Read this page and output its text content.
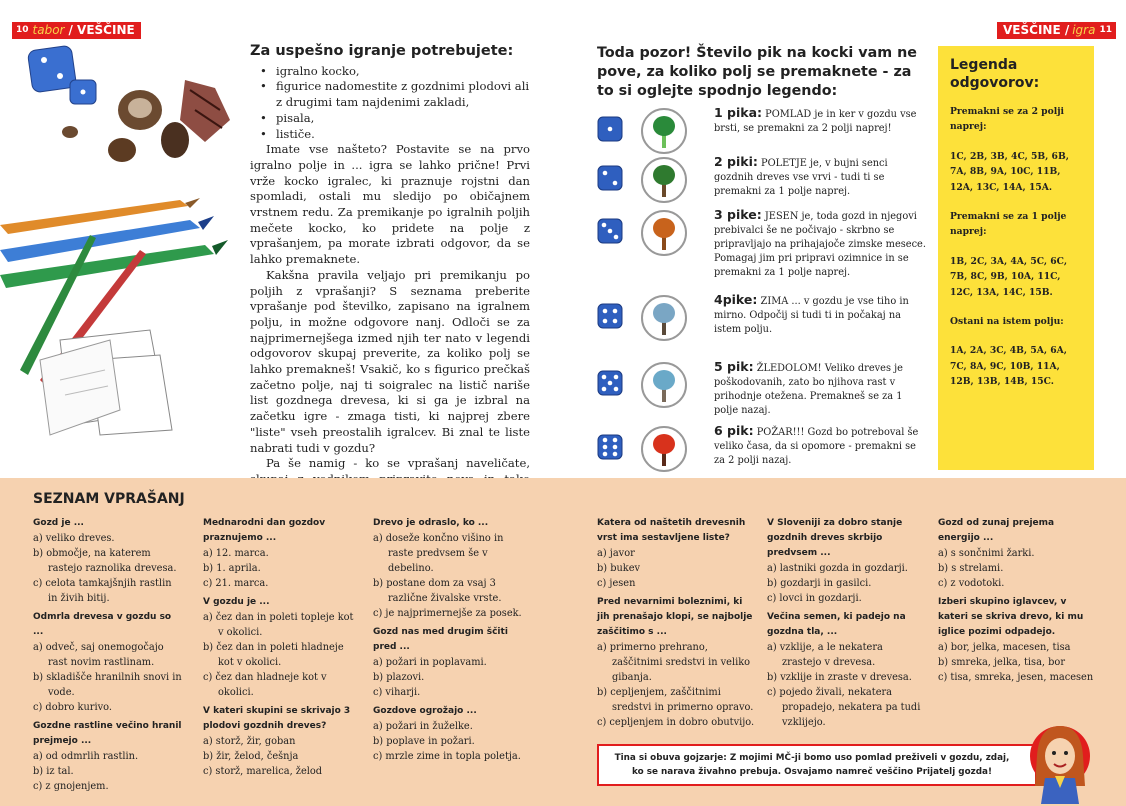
10 tabor / VEŠČINE	VEŠČINE / igra 11
Za uspešno igranje potrebujete:
• igralno kocko,
• figurice nadomestite z gozdnimi plodovi ali z drugimi tam najdenimi zakladi,
• pisala,
• lističe.

Imate vse našteto? Postavite se na prvo igralno polje in ... igra se lahko prične! Prvi vrže kocko igralec, ki praznuje rojstni dan spomladi, ostali mu sledijo po običajnem vrstnem redu. Za premikanje po igralnih poljih mečete kocko, ko pridete na polje z vprašanjem, pa morate izbrati odgovor, da se lahko premaknete.

Kakšna pravila veljajo pri premikanju po poljih z vprašanji? S seznama preberite vprašanje pod številko, zapisano na igralnem polju, in možne odgovore nanj. Odloči se za najprimernejšega izmed njih ter nato v legendi odgovorov skupaj preverite, za koliko polj se lahko premakneš! Vsakič, ko s figurico prečkaš začetno polje, naj ti soigralec na listič nariše list gozdnega drevesa, ki si ga je izbral na začetku igre - zmaga tisti, ki najprej zbere "liste" vseh preostalih igralcev. Bi znal te liste nabrati tudi v gozdu?

Pa še namig - ko se vprašanj naveličate,

Toda pozor! Število pik na kocki vam ne pove, za koliko polj se premaknete - za to si oglejte spodnjo legendo:
1 pika: POMLAD je in ker v gozdu vse brsti, se premakni za 2 polji naprej!
2 piki: POLETJE je, v bujni senci gozdnih dreves vse vrvi - tudi ti se premakni za 1 polje naprej.
3 pike: JESEN je, toda gozd in njegovi prebivalci še ne počivajo - skrbno se pripravljajo na prihajajoče zimske mesece. Pomagaj jim pri pripravi ozimnice in se premakni za 1 polje naprej.
4pike: ZIMA ... v gozdu je vse tiho in mirno. Odpočij si tudi ti in počakaj na istem polju.
5 pik: ŽLEDOLOM! Veliko dreves je poškodovanih, zato bo njihova rast v prihodnje otežena. Premakneš se za 1 polje nazaj.
6 pik: POŽAR!!! Gozd bo potreboval še veliko časa, da si opomore - premakni se za 2 polji nazaj.
Legenda odgovorov:

Premakni se za 2 polji naprej:

1C, 2B, 3B, 4C, 5B, 6B, 7A, 8B, 9A, 10C, 11B, 12A, 13C, 14A, 15A.

Premakni se za 1 polje naprej:

1B, 2C, 3A, 4A, 5C, 6C, 7B, 8C, 9B, 10A, 11C, 12C, 13A, 14C, 15B.

Ostani na istem polju:

1A, 2A, 3C, 4B, 5A, 6A, 7C, 8A, 9C, 10B, 11A, 12B, 13B, 14B, 15C.

SEZNAM VPRAŠANJ
Gozd je ...
a) veliko dreves.
b) območje, na katerem rastejo raznolika drevesa.
c) celota tamkajšnjih rastlin in živih bitij.
Odmrla drevesa v gozdu so ...
a) odveč, saj onemogočajo rast novim rastlinam.
b) skladišče hranilnih snovi in vode.
c) dobro kurivo.
Gozdne rastline večino hranil prejmejo ...
a) od odmrlih rastlin.
b) iz tal.
c) z gnojenjem.
Mednarodni dan gozdov praznujemo ...
a) 12. marca.
b) 1. aprila.
c) 21. marca.
V gozdu je ...
a) čez dan in poleti topleje kot v okolici.
b) čez dan in poleti hladneje kot v okolici.
c) čez dan hladneje kot v okolici.
V kateri skupini se skrivajo 3 plodovi gozdnih dreves?
a) storž, žir, goban
b) žir, želod, češnja
c) storž, marelica, želod
Drevo je odraslo, ko ...
a) doseže končno višino in raste predvsem še v debelino.
b) postane dom za vsaj 3 različne živalske vrste.
c) je najprimernejše za posek.
Gozd nas med drugim ščiti pred ...
a) požari in poplavami.
b) plazovi.
c) viharji.
Gozdove ogrožajo ...
a) požari in žuželke.
b) poplave in požari.
c) mrzle zime in topla poletja.
Katera od naštetih drevesnih vrst ima sestavljene liste?
a) javor
b) bukev
c) jesen
Pred nevarnimi boleznimi, ki jih prenašajo klopi, se najbolje zaščitimo s ...
a) primerno prehrano, zaščitnimi sredstvi in veliko gibanja.
b) cepljenjem, zaščitnimi sredstvi in primerno opravo.
c) cepljenjem in dobro obutvijo.
V Sloveniji za dobro stanje gozdnih dreves skrbijo predvsem ...
a) lastniki gozda in gozdarji.
b) gozdarji in gasilci.
c) lovci in gozdarji.
Večina semen, ki padejo na gozdna tla, ...
a) vzklije, a le nekatera zrastejo v drevesa.
b) vzklije in zraste v drevesa.
c) pojedo živali, nekatera propadejo, nekatera pa tudi vzklijejo.
Gozd od zunaj prejema energijo ...
a) s sončnimi žarki.
b) s strelami.
c) z vodotoki.
Izberi skupino iglavcev, v kateri se skriva drevo, ki mu iglice pozimi odpadejo.
a) bor, jelka, macesen, tisa
b) smreka, jelka, tisa, bor
c) tisa, smreka, jesen, macesen
Tina si obuva gojzarje: Z mojimi MČ-ji bomo uso pomlad preživeli v gozdu, zdaj, ko se narava živahno prebuja. Osvajamo namreč veščino Prijatelj gozda!
